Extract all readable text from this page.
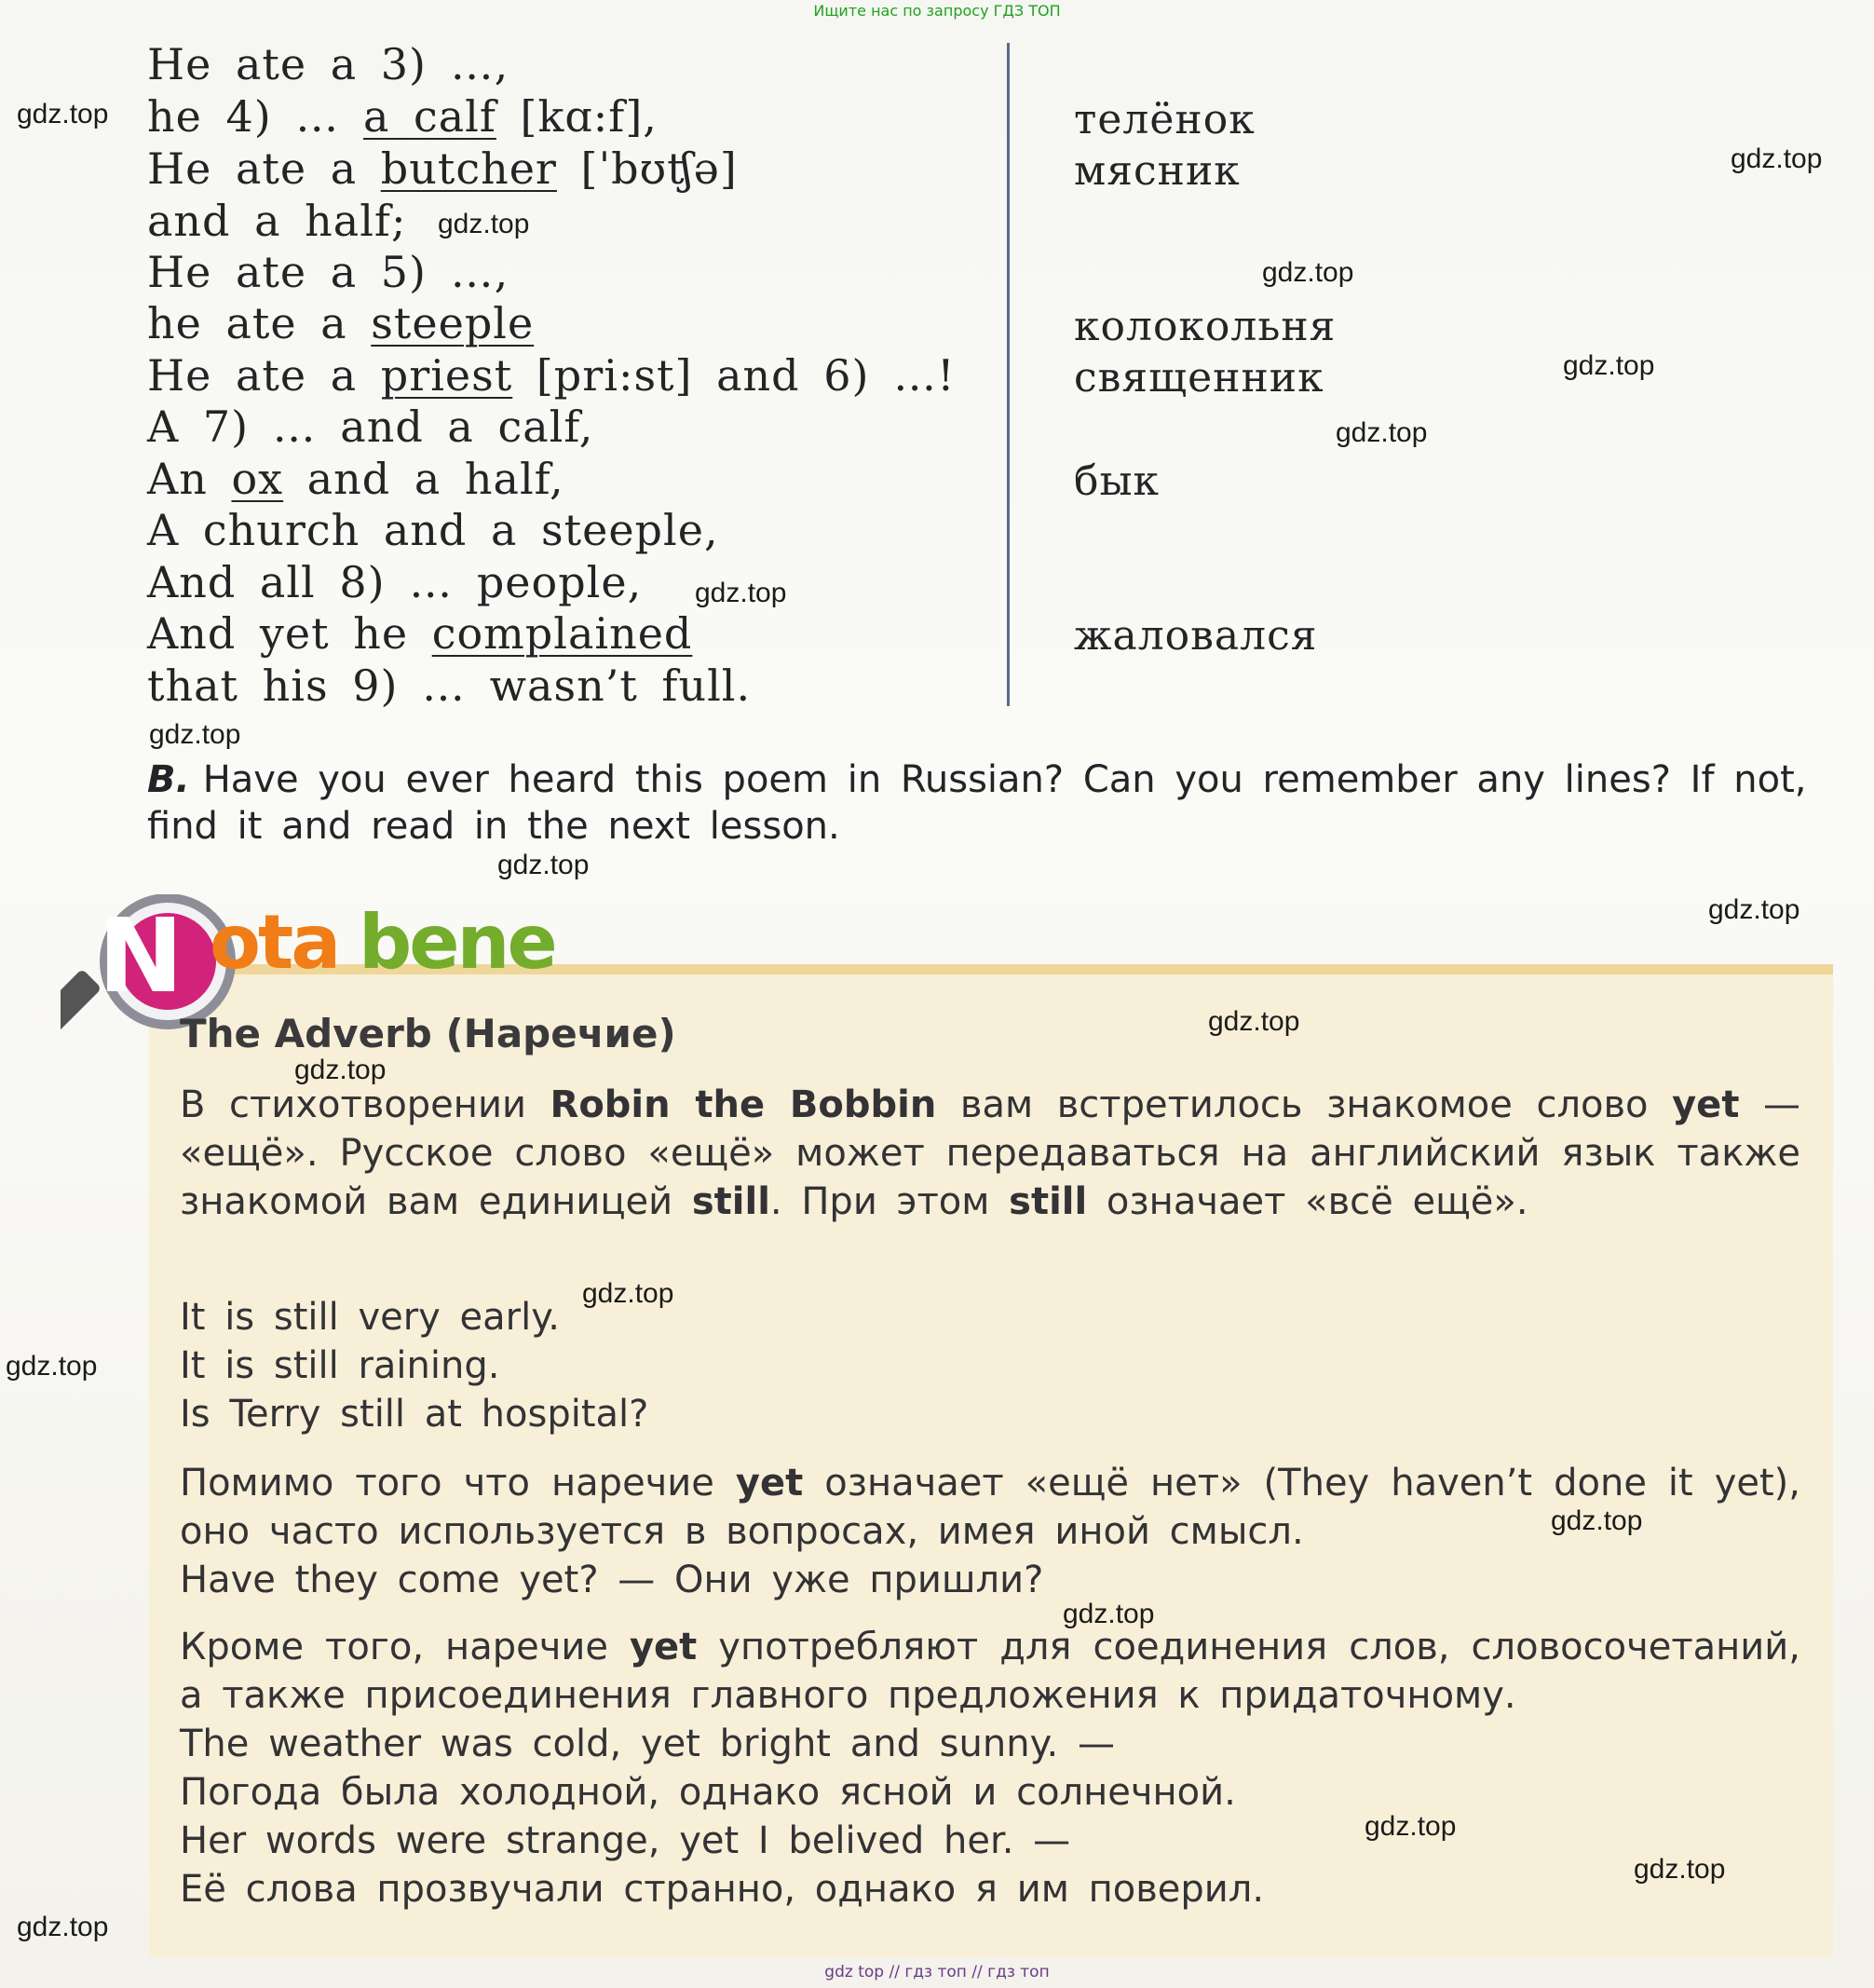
Ищите нас по запросу ГДЗ ТОП
He ate a 3) …,
he 4) … a calf [kɑ:f],
He ate a butcher [ˈbʊʧə]
and a half;
He ate a 5) …,
he ate a steeple
He ate a priest [pri:st] and 6) …!
A 7) … and a calf,
An ox and a half,
A church and a steeple,
And all 8) … people,
And yet he complained
that his 9) … wasn’t full.
телёнок
мясник
колокольня
священник
бык
жаловался
B. Have you ever heard this poem in Russian? Can you remember any lines? If not, find it and read in the next lesson.
N ota bene
The Adverb (Наречие)
В стихотворении Robin the Bobbin вам встретилось знакомое слово yet — «ещё». Русское слово «ещё» может передаваться на английский язык также знакомой вам единицей still. При этом still означает «всё ещё».
It is still very early.
It is still raining.
Is Terry still at hospital?
Помимо того что наречие yet означает «ещё нет» (They haven’t done it yet), оно часто используется в вопросах, имея иной смысл.
Have they come yet? — Они уже пришли?
Кроме того, наречие yet употребляют для соединения слов, словосочетаний, а также присоединения главного предложения к придаточному.
The weather was cold, yet bright and sunny. —
Погода была холодной, однако ясной и солнечной.
Her words were strange, yet I belived her. —
Её слова прозвучали странно, однако я им поверил.
gdz.top
gdz.top
gdz.top
gdz.top
gdz.top
gdz.top
gdz.top
gdz.top
gdz.top
gdz.top
gdz.top
gdz.top
gdz.top
gdz.top
gdz.top
gdz.top
gdz.top
gdz.top
gdz.top
gdz top // гдз топ // гдз топ
